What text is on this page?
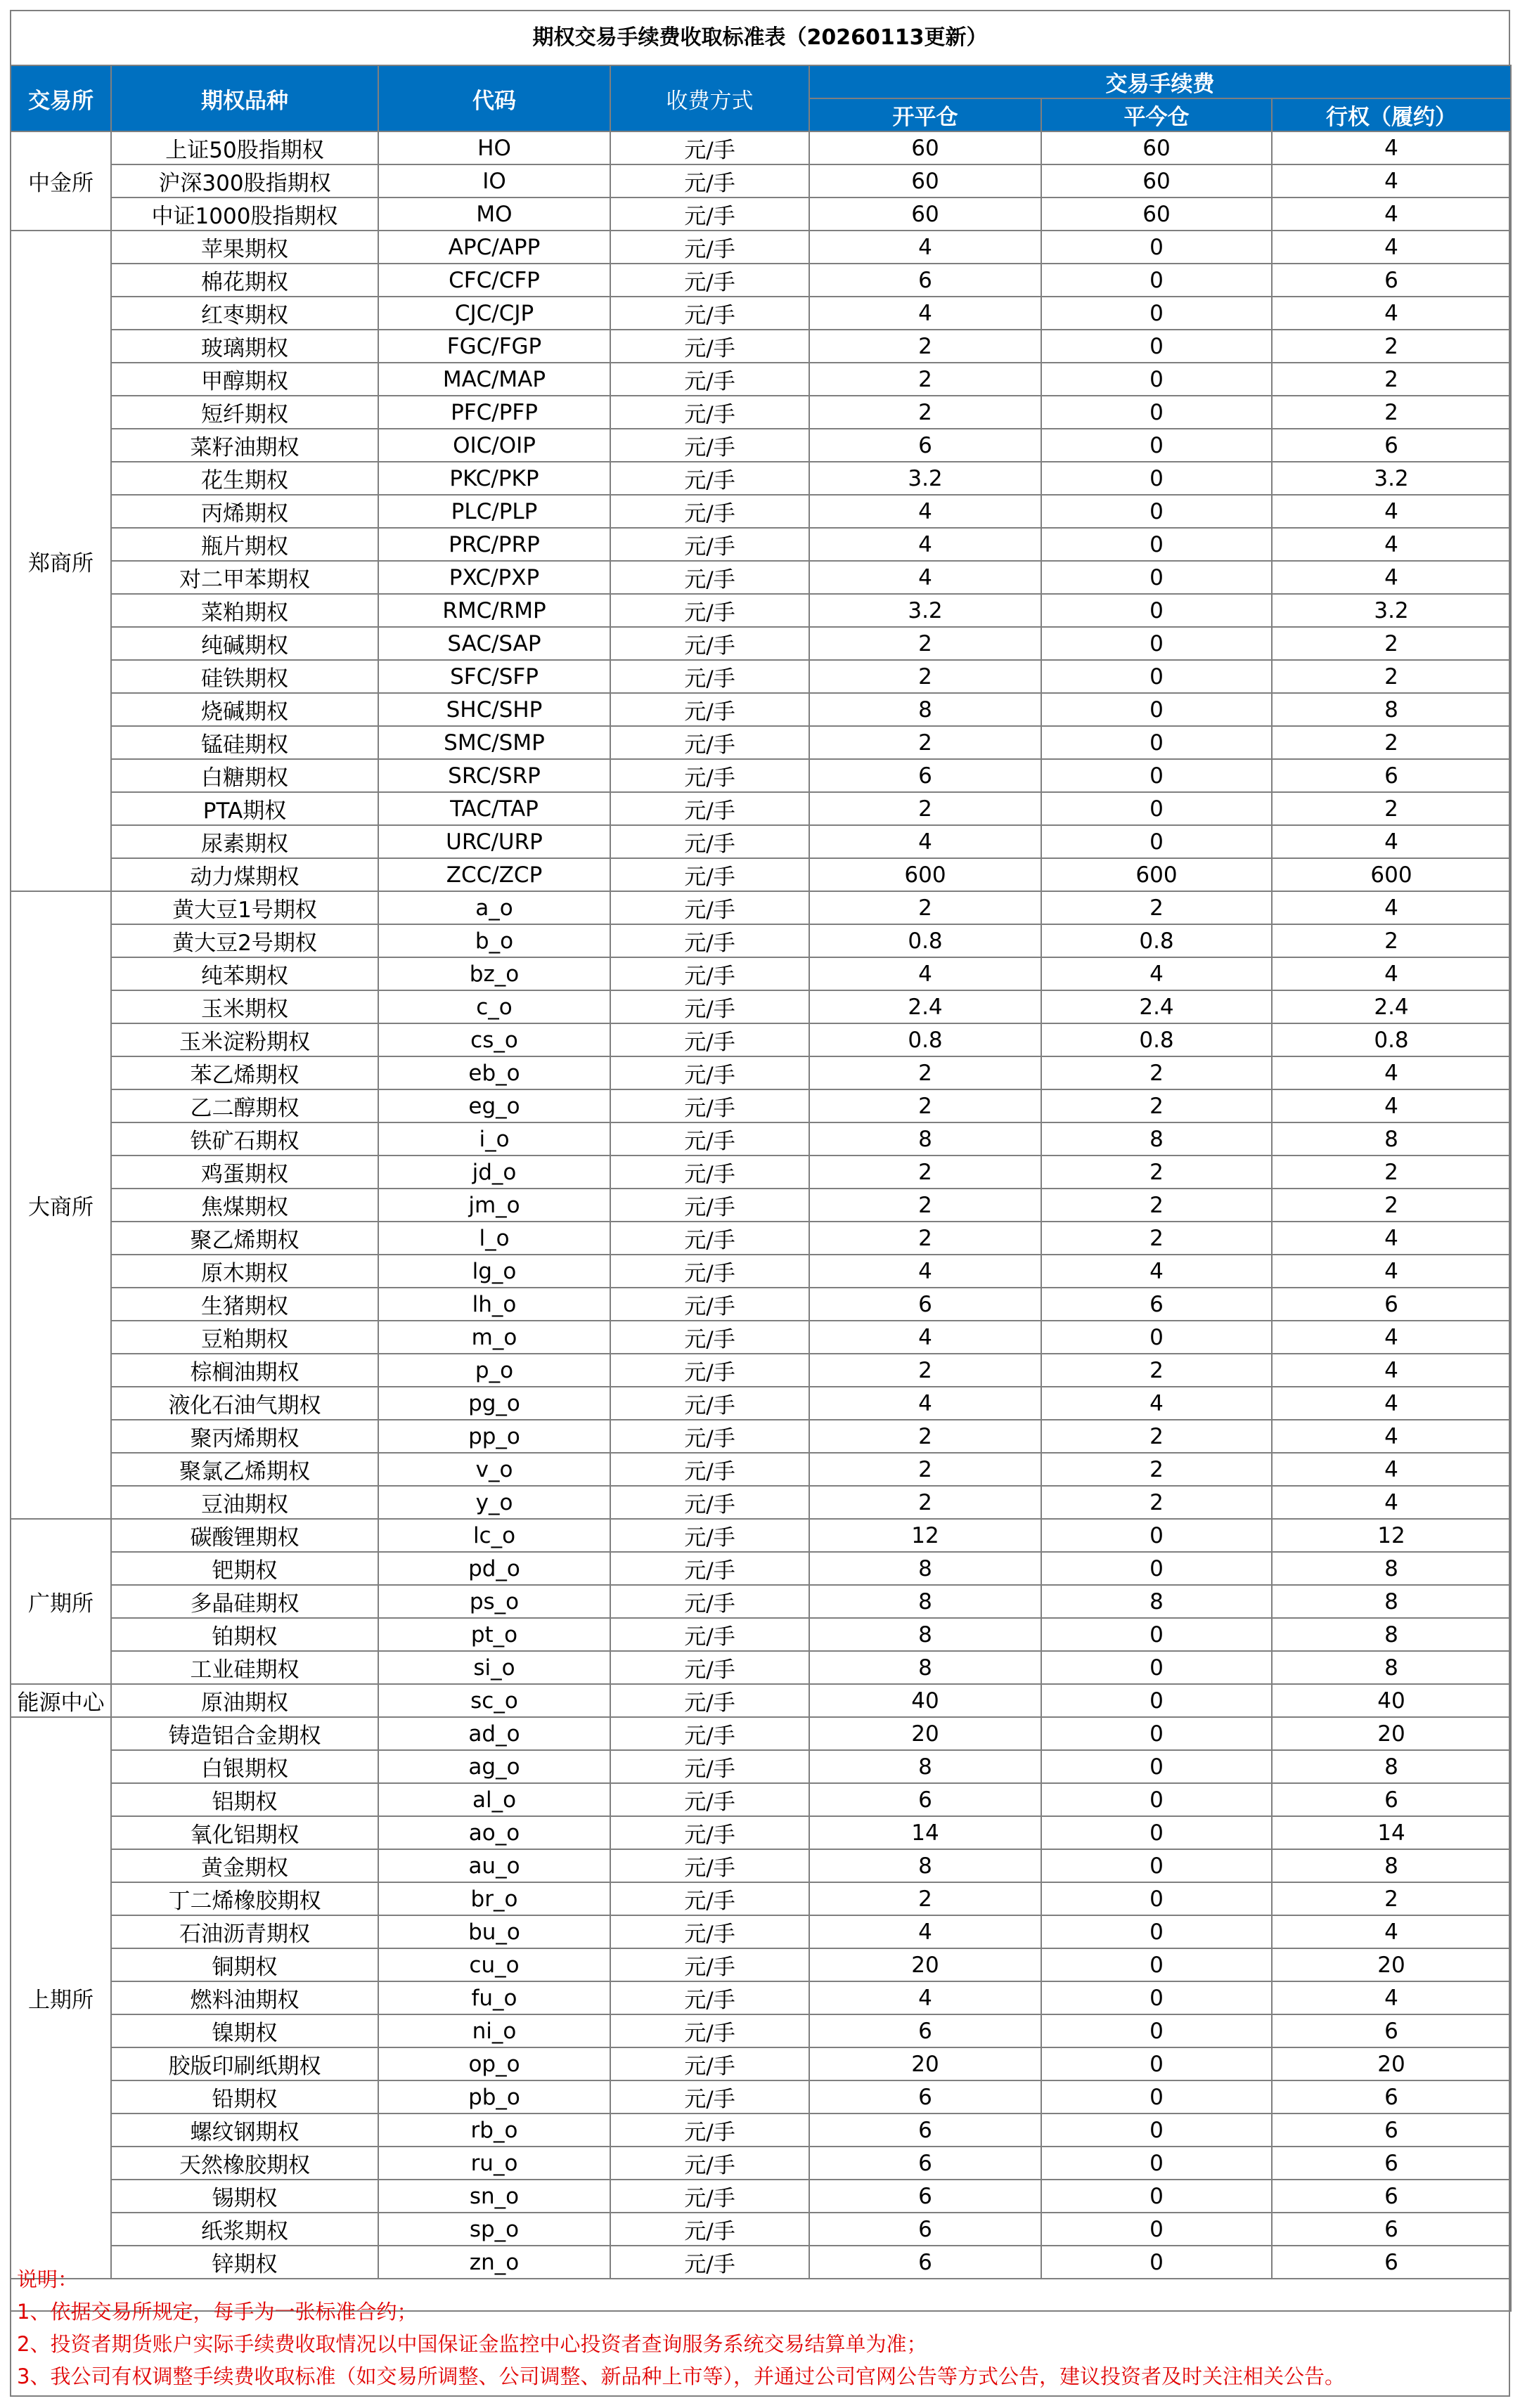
期权交易手续费收取标准表（20260113更新）
交易所	期权品种	代码	收费方式	交易手续费		
				开平仓	平今仓	行权（履约）
中金所	上证50股指期权	HO	元/手	60	60	4
	沪深300股指期权	IO	元/手	60	60	4
	中证1000股指期权	MO	元/手	60	60	4
郑商所	苹果期权	APC/APP	元/手	4	0	4
	棉花期权	CFC/CFP	元/手	6	0	6
	红枣期权	CJC/CJP	元/手	4	0	4
	玻璃期权	FGC/FGP	元/手	2	0	2
	甲醇期权	MAC/MAP	元/手	2	0	2
	短纤期权	PFC/PFP	元/手	2	0	2
	菜籽油期权	OIC/OIP	元/手	6	0	6
	花生期权	PKC/PKP	元/手	3.2	0	3.2
	丙烯期权	PLC/PLP	元/手	4	0	4
	瓶片期权	PRC/PRP	元/手	4	0	4
	对二甲苯期权	PXC/PXP	元/手	4	0	4
	菜粕期权	RMC/RMP	元/手	3.2	0	3.2
	纯碱期权	SAC/SAP	元/手	2	0	2
	硅铁期权	SFC/SFP	元/手	2	0	2
	烧碱期权	SHC/SHP	元/手	8	0	8
	锰硅期权	SMC/SMP	元/手	2	0	2
	白糖期权	SRC/SRP	元/手	6	0	6
	PTA期权	TAC/TAP	元/手	2	0	2
	尿素期权	URC/URP	元/手	4	0	4
	动力煤期权	ZCC/ZCP	元/手	600	600	600
大商所	黄大豆1号期权	a_o	元/手	2	2	4
	黄大豆2号期权	b_o	元/手	0.8	0.8	2
	纯苯期权	bz_o	元/手	4	4	4
	玉米期权	c_o	元/手	2.4	2.4	2.4
	玉米淀粉期权	cs_o	元/手	0.8	0.8	0.8
	苯乙烯期权	eb_o	元/手	2	2	4
	乙二醇期权	eg_o	元/手	2	2	4
	铁矿石期权	i_o	元/手	8	8	8
	鸡蛋期权	jd_o	元/手	2	2	2
	焦煤期权	jm_o	元/手	2	2	2
	聚乙烯期权	l_o	元/手	2	2	4
	原木期权	lg_o	元/手	4	4	4
	生猪期权	lh_o	元/手	6	6	6
	豆粕期权	m_o	元/手	4	0	4
	棕榈油期权	p_o	元/手	2	2	4
	液化石油气期权	pg_o	元/手	4	4	4
	聚丙烯期权	pp_o	元/手	2	2	4
	聚氯乙烯期权	v_o	元/手	2	2	4
	豆油期权	y_o	元/手	2	2	4
广期所	碳酸锂期权	lc_o	元/手	12	0	12
	钯期权	pd_o	元/手	8	0	8
	多晶硅期权	ps_o	元/手	8	8	8
	铂期权	pt_o	元/手	8	0	8
	工业硅期权	si_o	元/手	8	0	8
能源中心	原油期权	sc_o	元/手	40	0	40
上期所	铸造铝合金期权	ad_o	元/手	20	0	20
	白银期权	ag_o	元/手	8	0	8
	铝期权	al_o	元/手	6	0	6
	氧化铝期权	ao_o	元/手	14	0	14
	黄金期权	au_o	元/手	8	0	8
	丁二烯橡胶期权	br_o	元/手	2	0	2
	石油沥青期权	bu_o	元/手	4	0	4
	铜期权	cu_o	元/手	20	0	20
	燃料油期权	fu_o	元/手	4	0	4
	镍期权	ni_o	元/手	6	0	6
	胶版印刷纸期权	op_o	元/手	20	0	20
	铅期权	pb_o	元/手	6	0	6
	螺纹钢期权	rb_o	元/手	6	0	6
	天然橡胶期权	ru_o	元/手	6	0	6
	锡期权	sn_o	元/手	6	0	6
	纸浆期权	sp_o	元/手	6	0	6
	锌期权	zn_o	元/手	6	0	6

说明：
1、依据交易所规定，每手为一张标准合约；
2、投资者期货账户实际手续费收取情况以中国保证金监控中心投资者查询服务系统交易结算单为准；
3、我公司有权调整手续费收取标准（如交易所调整、公司调整、新品种上市等），并通过公司官网公告等方式公告，建议投资者及时关注相关公告。
